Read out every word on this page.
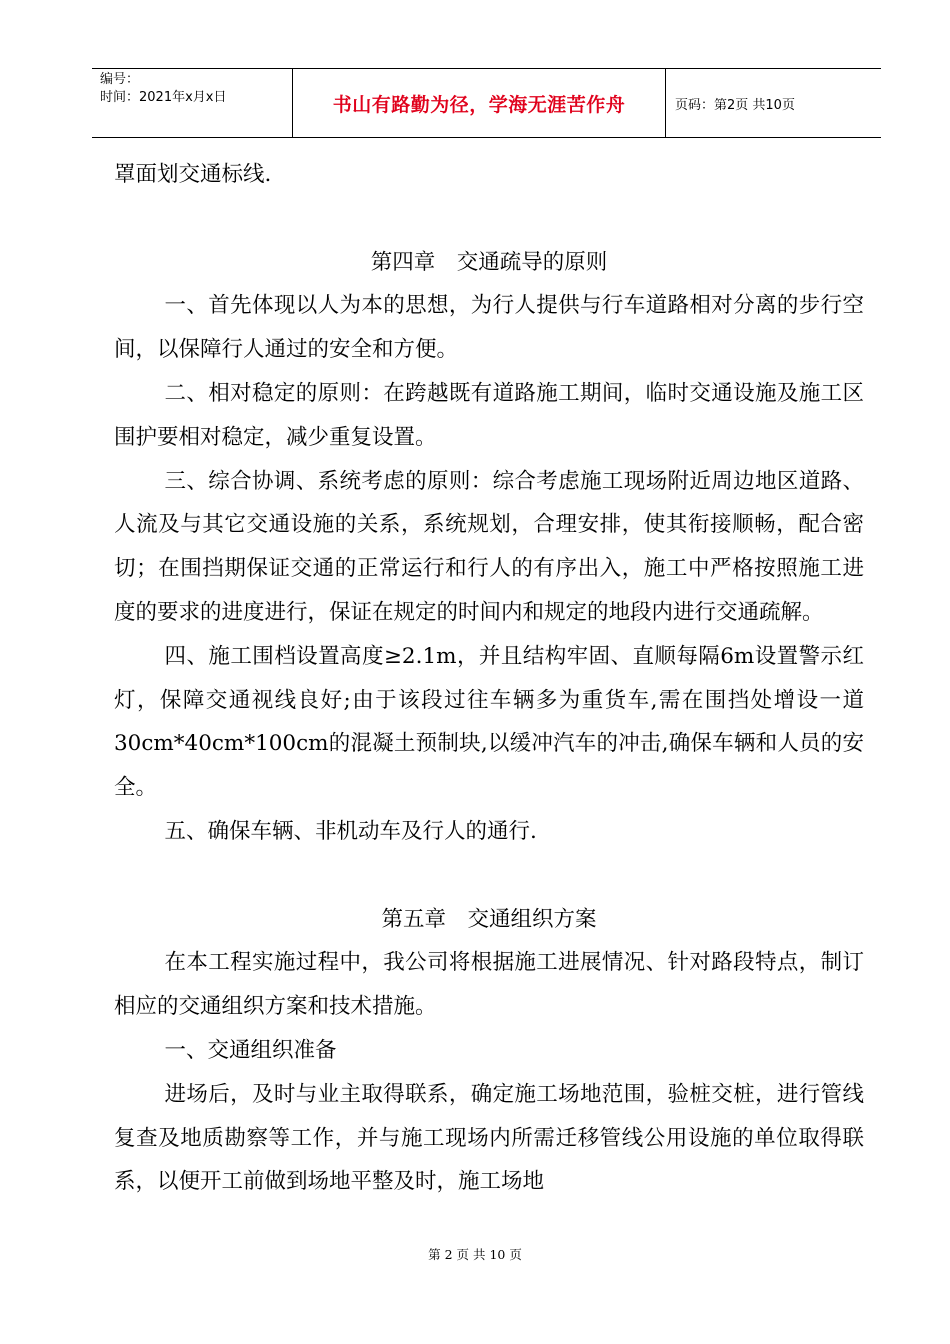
编号：
时间：2021年x月x日	书山有路勤为径，学海无涯苦作舟	页码：第2页 共10页

罩面划交通标线.

第四章　交通疏导的原则

一、首先体现以人为本的思想，为行人提供与行车道路相对分离的步行空间，以保障行人通过的安全和方便。

二、相对稳定的原则：在跨越既有道路施工期间，临时交通设施及施工区围护要相对稳定，减少重复设置。

三、综合协调、系统考虑的原则：综合考虑施工现场附近周边地区道路、人流及与其它交通设施的关系，系统规划，合理安排，使其衔接顺畅，配合密切；在围挡期保证交通的正常运行和行人的有序出入，施工中严格按照施工进度的要求的进度进行，保证在规定的时间内和规定的地段内进行交通疏解。

四、施工围档设置高度≥2.1m，并且结构牢固、直顺每隔6m设置警示红灯，保障交通视线良好;由于该段过往车辆多为重货车,需在围挡处增设一道30cm*40cm*100cm的混凝土预制块,以缓冲汽车的冲击,确保车辆和人员的安全。

五、确保车辆、非机动车及行人的通行.

第五章　交通组织方案

在本工程实施过程中，我公司将根据施工进展情况、针对路段特点，制订相应的交通组织方案和技术措施。

一、交通组织准备

进场后，及时与业主取得联系，确定施工场地范围，验桩交桩，进行管线复查及地质勘察等工作，并与施工现场内所需迁移管线公用设施的单位取得联系，以便开工前做到场地平整及时，施工场地

第 2 页 共 10 页
